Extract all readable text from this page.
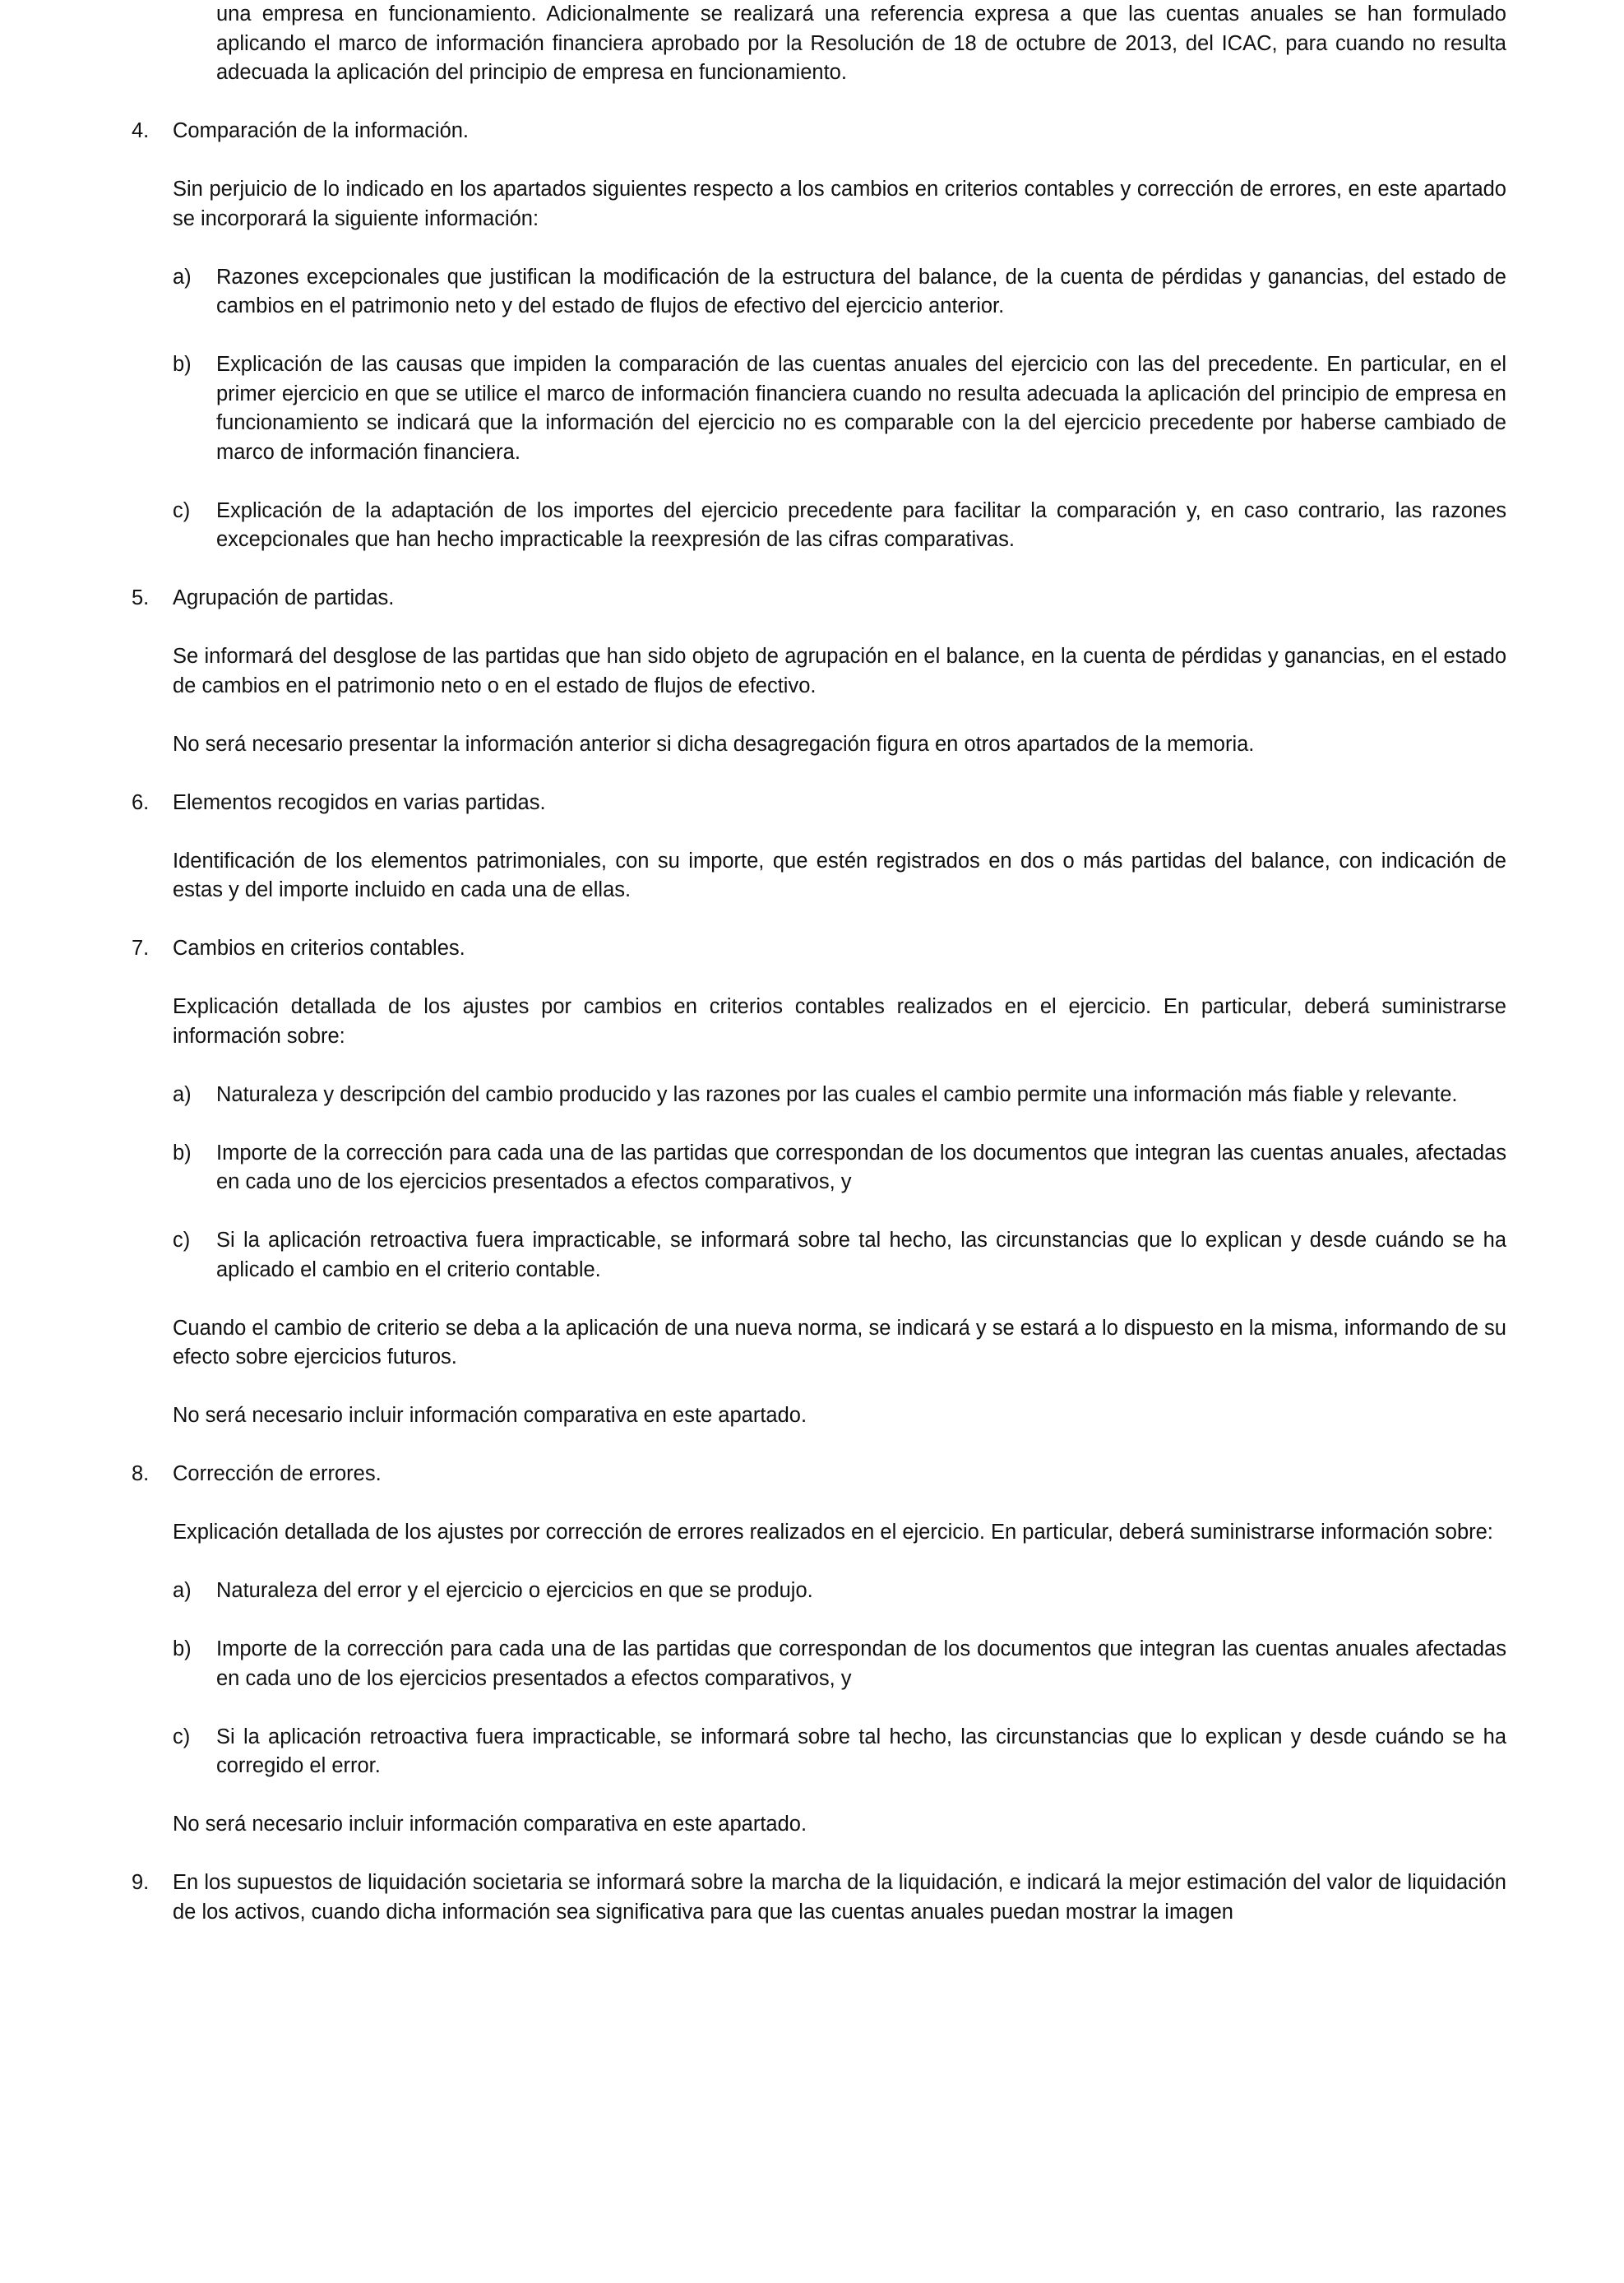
una empresa en funcionamiento. Adicionalmente se realizará una referencia expresa a que las cuentas anuales se han formulado aplicando el marco de información financiera aprobado por la Resolución de 18 de octubre de 2013, del ICAC, para cuando no resulta adecuada la aplicación del principio de empresa en funcionamiento.

4. Comparación de la información.

Sin perjuicio de lo indicado en los apartados siguientes respecto a los cambios en criterios contables y corrección de errores, en este apartado se incorporará la siguiente información:

a) Razones excepcionales que justifican la modificación de la estructura del balance, de la cuenta de pérdidas y ganancias, del estado de cambios en el patrimonio neto y del estado de flujos de efectivo del ejercicio anterior.
b) Explicación de las causas que impiden la comparación de las cuentas anuales del ejercicio con las del precedente. En particular, en el primer ejercicio en que se utilice el marco de información financiera cuando no resulta adecuada la aplicación del principio de empresa en funcionamiento se indicará que la información del ejercicio no es comparable con la del ejercicio precedente por haberse cambiado de marco de información financiera.
c) Explicación de la adaptación de los importes del ejercicio precedente para facilitar la comparación y, en caso contrario, las razones excepcionales que han hecho impracticable la reexpresión de las cifras comparativas.
5. Agrupación de partidas.

Se informará del desglose de las partidas que han sido objeto de agrupación en el balance, en la cuenta de pérdidas y ganancias, en el estado de cambios en el patrimonio neto o en el estado de flujos de efectivo.

No será necesario presentar la información anterior si dicha desagregación figura en otros apartados de la memoria.

6. Elementos recogidos en varias partidas.

Identificación de los elementos patrimoniales, con su importe, que estén registrados en dos o más partidas del balance, con indicación de estas y del importe incluido en cada una de ellas.

7. Cambios en criterios contables.

Explicación detallada de los ajustes por cambios en criterios contables realizados en el ejercicio. En particular, deberá suministrarse información sobre:

a) Naturaleza y descripción del cambio producido y las razones por las cuales el cambio permite una información más fiable y relevante.
b) Importe de la corrección para cada una de las partidas que correspondan de los documentos que integran las cuentas anuales, afectadas en cada uno de los ejercicios presentados a efectos comparativos, y
c) Si la aplicación retroactiva fuera impracticable, se informará sobre tal hecho, las circunstancias que lo explican y desde cuándo se ha aplicado el cambio en el criterio contable.

Cuando el cambio de criterio se deba a la aplicación de una nueva norma, se indicará y se estará a lo dispuesto en la misma, informando de su efecto sobre ejercicios futuros.

No será necesario incluir información comparativa en este apartado.

8. Corrección de errores.

Explicación detallada de los ajustes por corrección de errores realizados en el ejercicio. En particular, deberá suministrarse información sobre:

a) Naturaleza del error y el ejercicio o ejercicios en que se produjo.
b) Importe de la corrección para cada una de las partidas que correspondan de los documentos que integran las cuentas anuales afectadas en cada uno de los ejercicios presentados a efectos comparativos, y
c) Si la aplicación retroactiva fuera impracticable, se informará sobre tal hecho, las circunstancias que lo explican y desde cuándo se ha corregido el error.

No será necesario incluir información comparativa en este apartado.

9. En los supuestos de liquidación societaria se informará sobre la marcha de la liquidación, e indicará la mejor estimación del valor de liquidación de los activos, cuando dicha información sea significativa para que las cuentas anuales puedan mostrar la imagen
